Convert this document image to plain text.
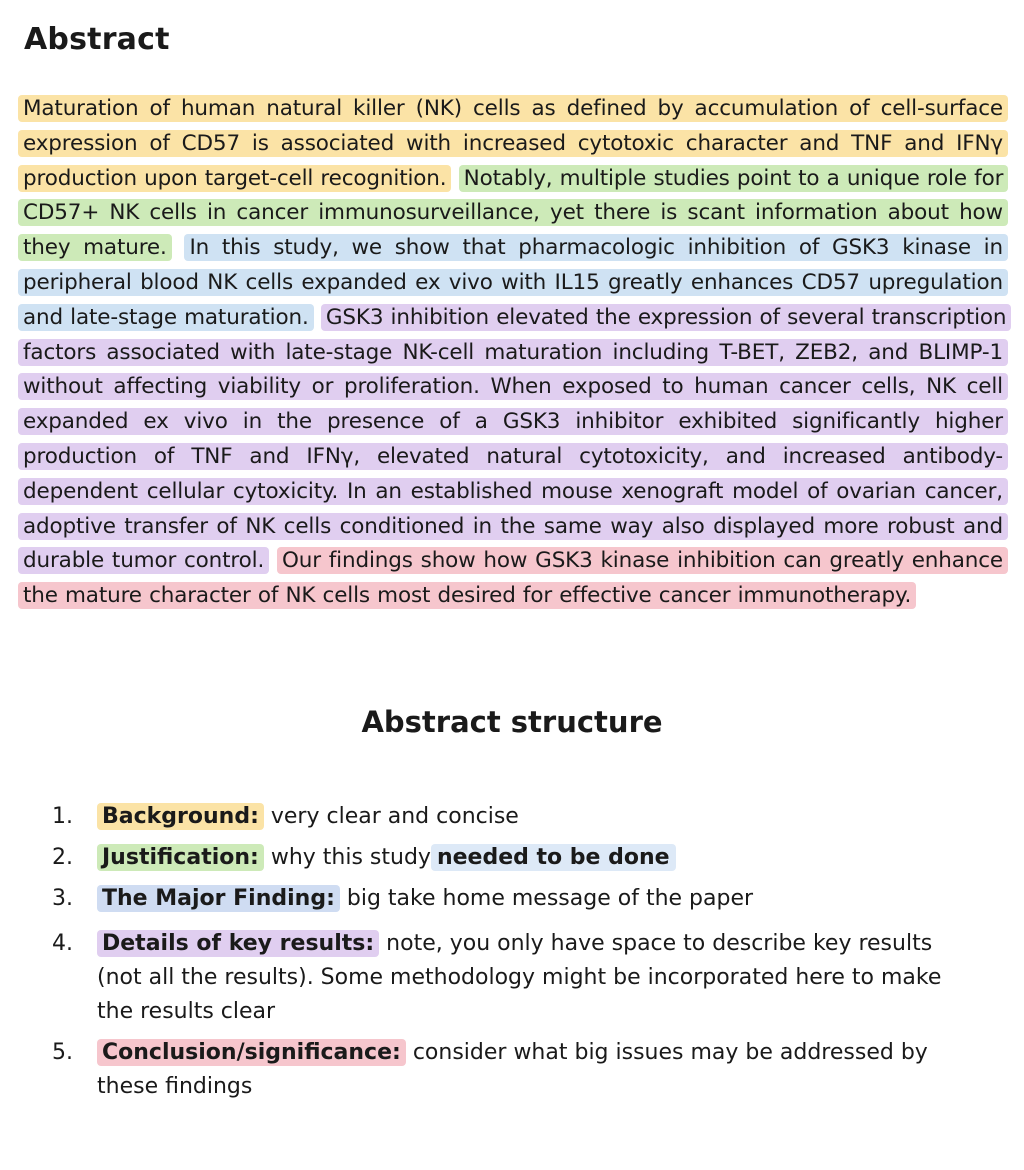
Abstract

Maturation of human natural killer (NK) cells as defined by accumulation of cell-surface expression of CD57 is associated with increased cytotoxic character and TNF and IFNγ production upon target-cell recognition. Notably, multiple studies point to a unique role for CD57+ NK cells in cancer immunosurveillance, yet there is scant information about how they mature. In this study, we show that pharmacologic inhibition of GSK3 kinase in peripheral blood NK cells expanded ex vivo with IL15 greatly enhances CD57 upregulation and late-stage maturation. GSK3 inhibition elevated the expression of several transcription factors associated with late-stage NK-cell maturation including T-BET, ZEB2, and BLIMP-1 without affecting viability or proliferation. When exposed to human cancer cells, NK cell expanded ex vivo in the presence of a GSK3 inhibitor exhibited significantly higher production of TNF and IFNγ, elevated natural cytotoxicity, and increased antibody-dependent cellular cytoxicity. In an established mouse xenograft model of ovarian cancer, adoptive transfer of NK cells conditioned in the same way also displayed more robust and durable tumor control. Our findings show how GSK3 kinase inhibition can greatly enhance the mature character of NK cells most desired for effective cancer immunotherapy.

Abstract structure
1. Background: very clear and concise
2. Justification: why this study needed to be done
3. The Major Finding: big take home message of the paper
4. Details of key results: note, you only have space to describe key results (not all the results). Some methodology might be incorporated here to make the results clear
5. Conclusion/significance: consider what big issues may be addressed by these findings
